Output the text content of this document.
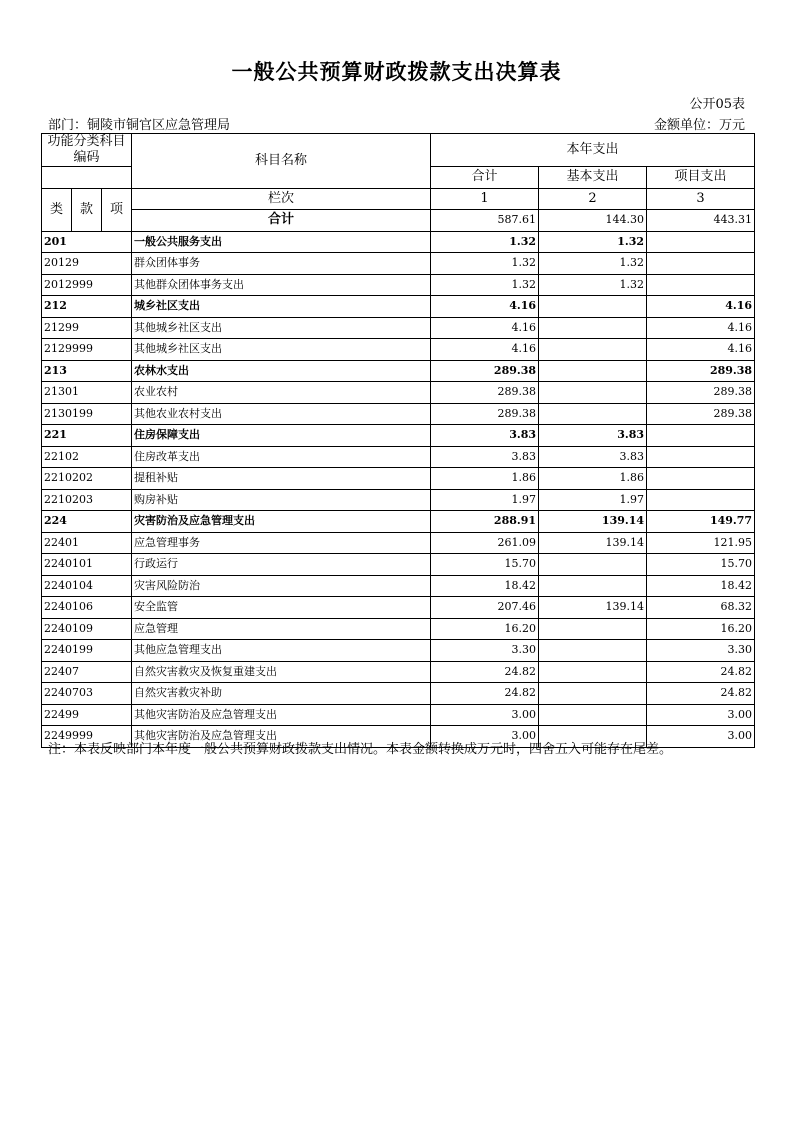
一般公共预算财政拨款支出决算表
公开05表
部门：铜陵市铜官区应急管理局	金额单位：万元
功能分类科目编码			科目名称	本年支出		
				合计	基本支出	项目支出
类	款	项	栏次	1	2	3
			合计	587.61	144.30	443.31
201			一般公共服务支出	1.32	1.32	
20129			群众团体事务	1.32	1.32	
2012999			其他群众团体事务支出	1.32	1.32	
212			城乡社区支出	4.16		4.16
21299			其他城乡社区支出	4.16		4.16
2129999			其他城乡社区支出	4.16		4.16
213			农林水支出	289.38		289.38
21301			农业农村	289.38		289.38
2130199			其他农业农村支出	289.38		289.38
221			住房保障支出	3.83	3.83	
22102			住房改革支出	3.83	3.83	
2210202			提租补贴	1.86	1.86	
2210203			购房补贴	1.97	1.97	
224			灾害防治及应急管理支出	288.91	139.14	149.77
22401			应急管理事务	261.09	139.14	121.95
2240101			行政运行	15.70		15.70
2240104			灾害风险防治	18.42		18.42
2240106			安全监管	207.46	139.14	68.32
2240109			应急管理	16.20		16.20
2240199			其他应急管理支出	3.30		3.30
22407			自然灾害救灾及恢复重建支出	24.82		24.82
2240703			自然灾害救灾补助	24.82		24.82
22499			其他灾害防治及应急管理支出	3.00		3.00
2249999			其他灾害防治及应急管理支出	3.00		3.00
注：本表反映部门本年度一般公共预算财政拨款支出情况。本表金额转换成万元时，四舍五入可能存在尾差。
